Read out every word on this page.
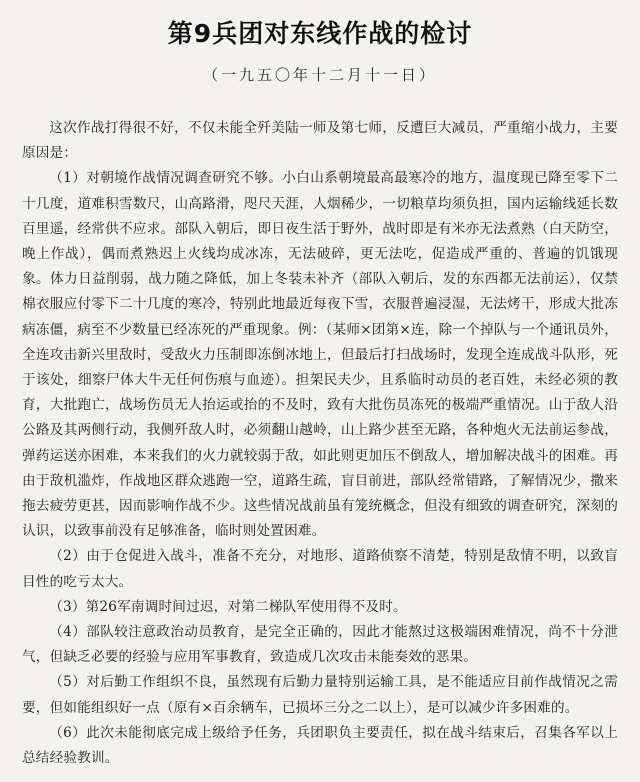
第9兵团对东线作战的检讨
（一九五〇年十二月十一日）

这次作战打得很不好，不仅未能全歼美陆一师及第七师，反遭巨大减员，严重缩小战力，主要原因是：

（1）对朝境作战情况调查研究不够。小白山系朝境最高最寒冷的地方，温度现已降至零下二十几度，道难积雪数尺，山高路滑，咫尺天涯，人烟稀少，一切粮草均须负担，国内运输线延长数百里遥，经常供不应求。部队入朝后，即日夜生活于野外，战时即是有米亦无法煮熟（白天防空，晚上作战），偶而煮熟迟上火线均成冰冻，无法破碎，更无法吃，促造成严重的、普遍的饥饿现象。体力日益削弱，战力随之降低，加上冬装未补齐（部队入朝后，发的东西都无法前运），仅禁棉衣服应付零下二十几度的寒冷，特别此地最近每夜下雪，衣服普遍浸湿，无法烤干，形成大批冻病冻僵，病至不少数量已经冻死的严重现象。例：（某师×团第×连，除一个掉队与一个通讯员外，全连攻击新兴里敌时，受敌火力压制即冻倒冰地上，但最后打扫战场时，发现全连成战斗队形，死于该处，细察尸体大牛无任何伤痕与血迹）。担架民夫少，且系临时动员的老百姓，未经必须的教育，大批跑亡，战场伤员无人抬运或抬的不及时，致有大批伤员冻死的极端严重情况。山于敌人沿公路及其两侧行动，我侧歼敌人时，必须翻山越岭，山上路少甚至无路，各种炮火无法前运参战，弹药运送亦困难，本来我们的火力就较弱于敌，如此则更加压不倒敌人，增加解决战斗的困难。再由于敌机滥炸，作战地区群众逃跑一空，道路生疏，盲目前进，部队经常错路，了解情况少，撒来拖去疲劳更甚，因而影响作战不少。这些情况战前虽有笼统概念，但没有细致的调查研究，深刻的认识，以致事前没有足够准备，临时则处置困难。

（2）由于仓促进入战斗，准备不充分，对地形、道路侦察不清楚，特别是敌情不明，以致盲目性的吃亏太大。

（3）第26军南调时间过迟，对第二梯队军使用得不及时。

（4）部队较注意政治动员教育，是完全正确的，因此才能熬过这极端困难情况，尚不十分泄气，但缺乏必要的经验与应用军事教育，致造成几次攻击未能奏效的恶果。

（5）对后勤工作组织不良，虽然现有后勤力量特别运输工具，是不能适应目前作战情况之需要，但如能组织好一点（原有×百余辆车，已损坏三分之二以上），是可以减少许多困难的。

（6）此次未能彻底完成上级给予任务，兵团职负主要责任，拟在战斗结束后，召集各军以上总结经验教训。
